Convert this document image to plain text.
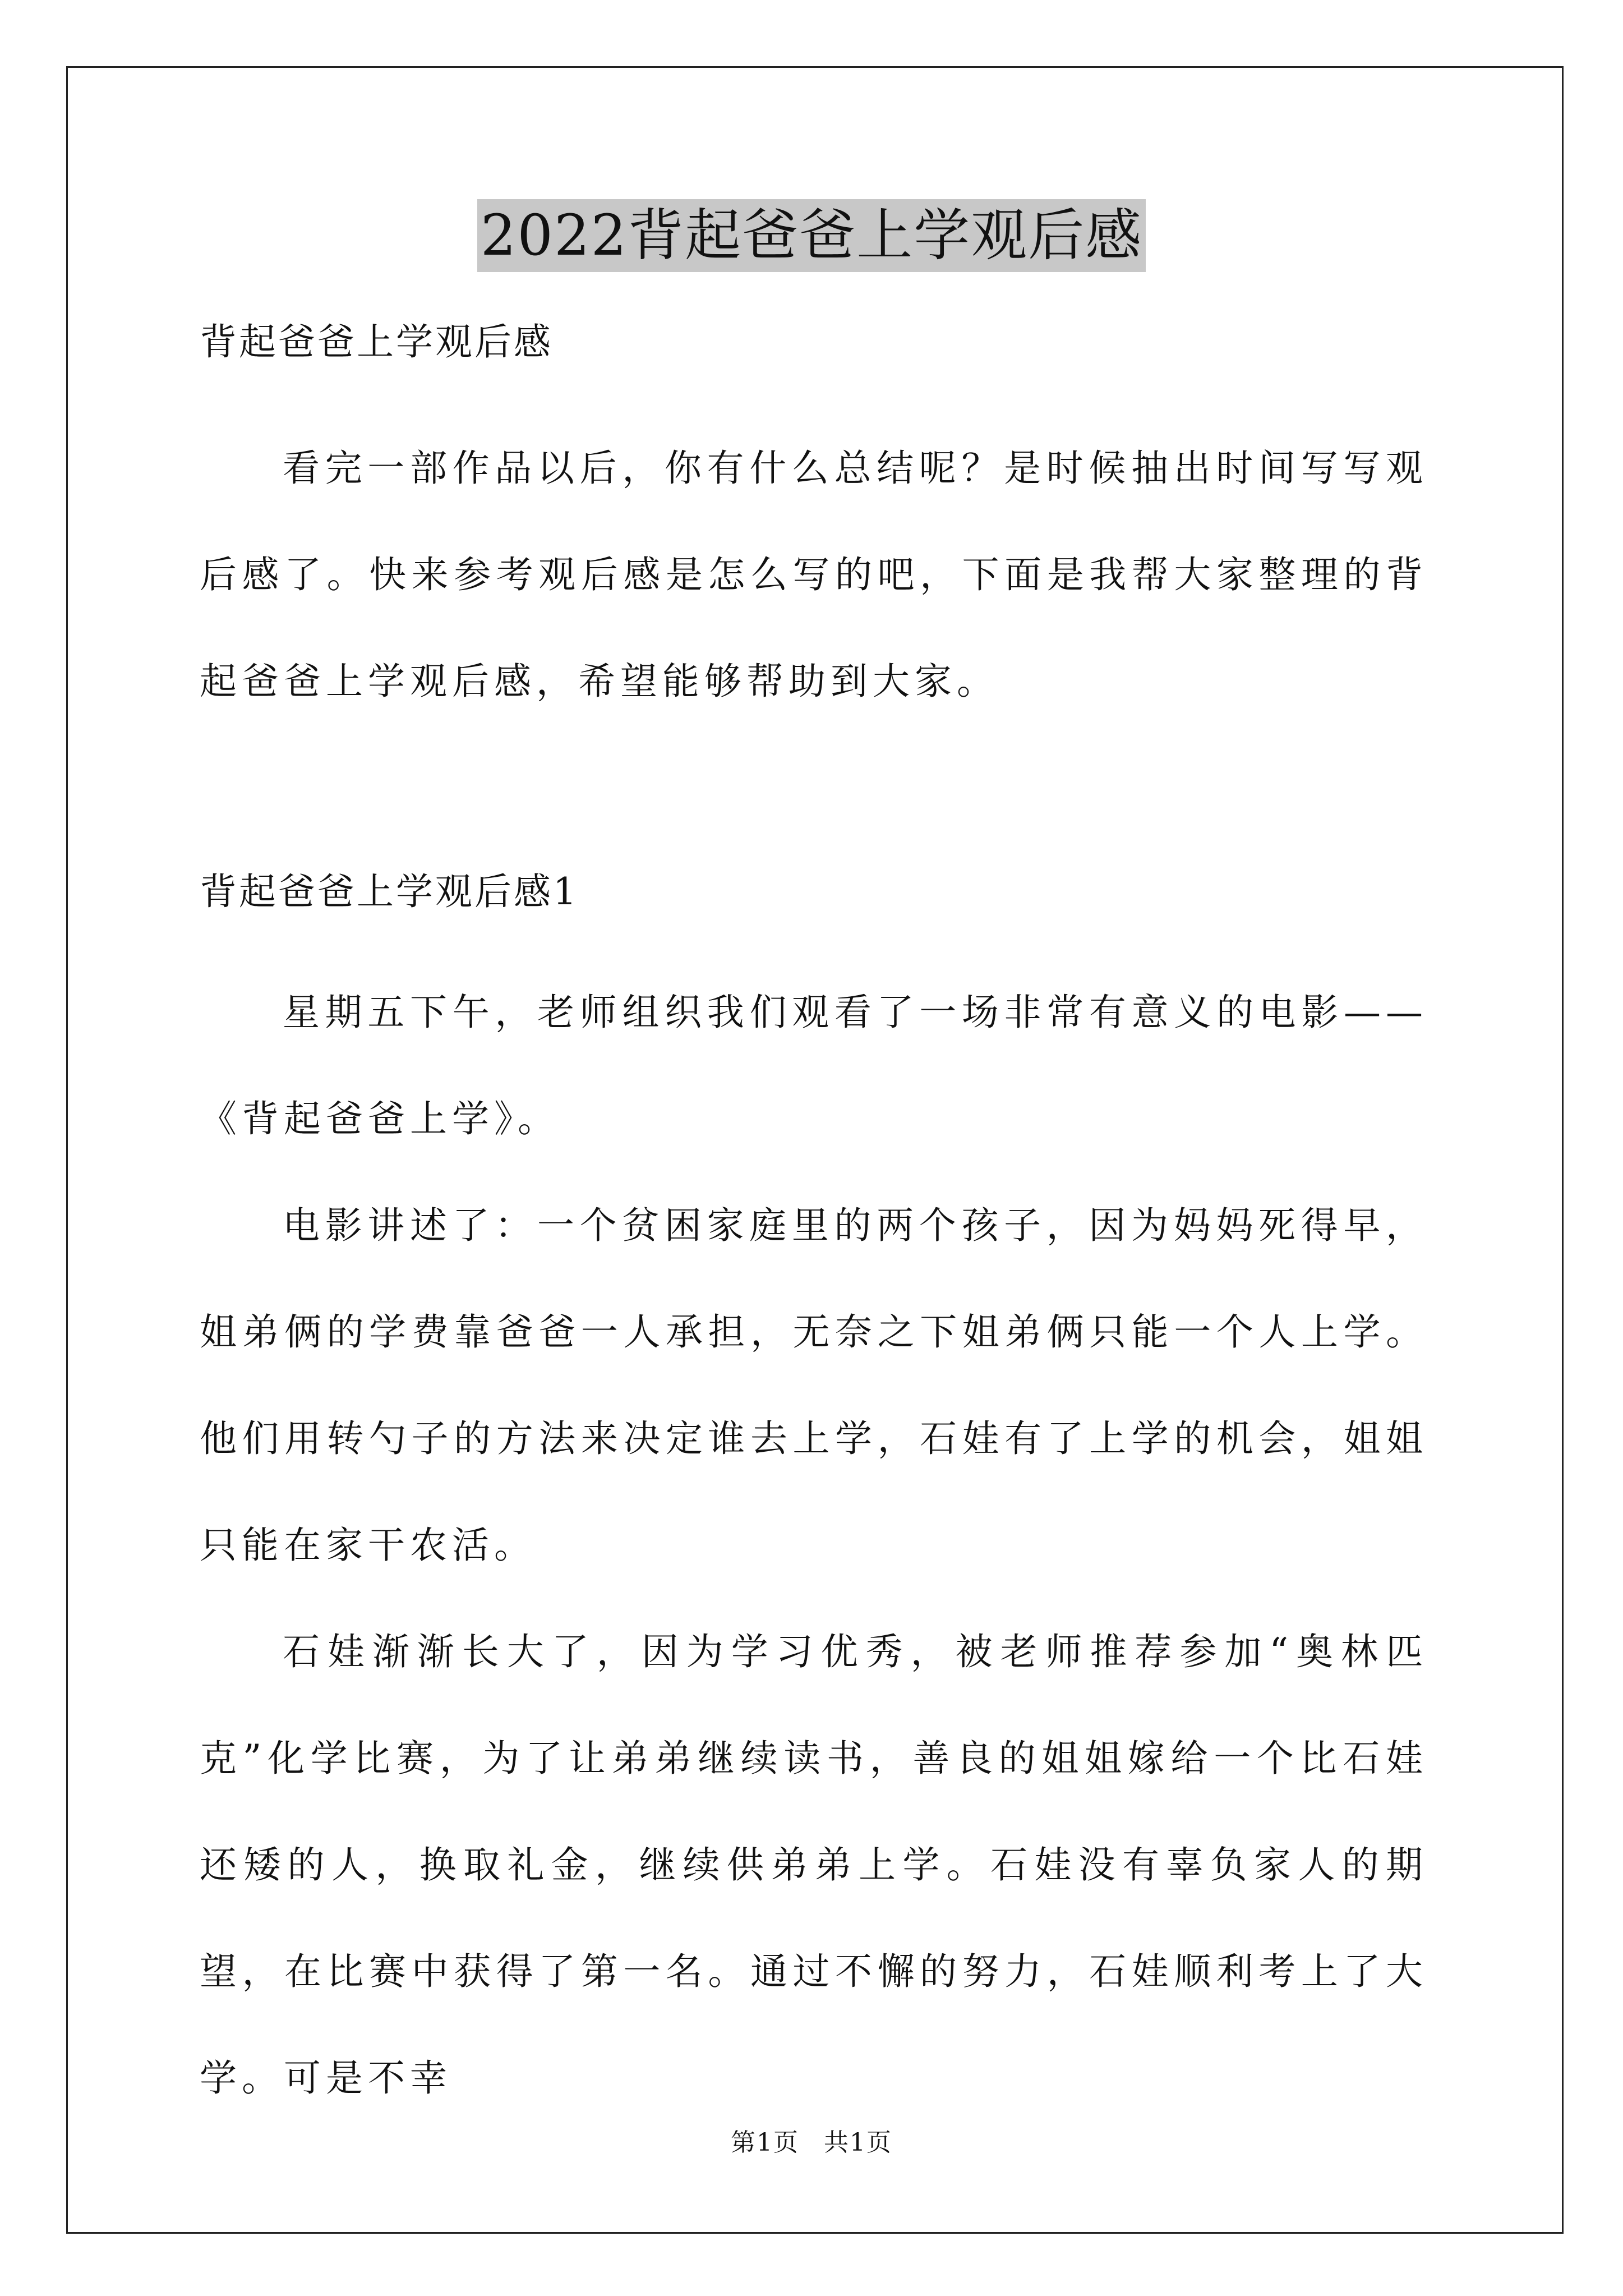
2022背起爸爸上学观后感

背起爸爸上学观后感

看完一部作品以后，你有什么总结呢？是时候抽出时间写写观后感了。快来参考观后感是怎么写的吧，下面是我帮大家整理的背起爸爸上学观后感，希望能够帮助到大家。

背起爸爸上学观后感1

星期五下午，老师组织我们观看了一场非常有意义的电影——《背起爸爸上学》。

电影讲述了：一个贫困家庭里的两个孩子，因为妈妈死得早，姐弟俩的学费靠爸爸一人承担，无奈之下姐弟俩只能一个人上学。他们用转勺子的方法来决定谁去上学，石娃有了上学的机会，姐姐只能在家干农活。

石娃渐渐长大了，因为学习优秀，被老师推荐参加“奥林匹克”化学比赛，为了让弟弟继续读书，善良的姐姐嫁给一个比石娃还矮的人，换取礼金，继续供弟弟上学。石娃没有辜负家人的期望，在比赛中获得了第一名。通过不懈的努力，石娃顺利考上了大学。可是不幸

第1页 共1页
